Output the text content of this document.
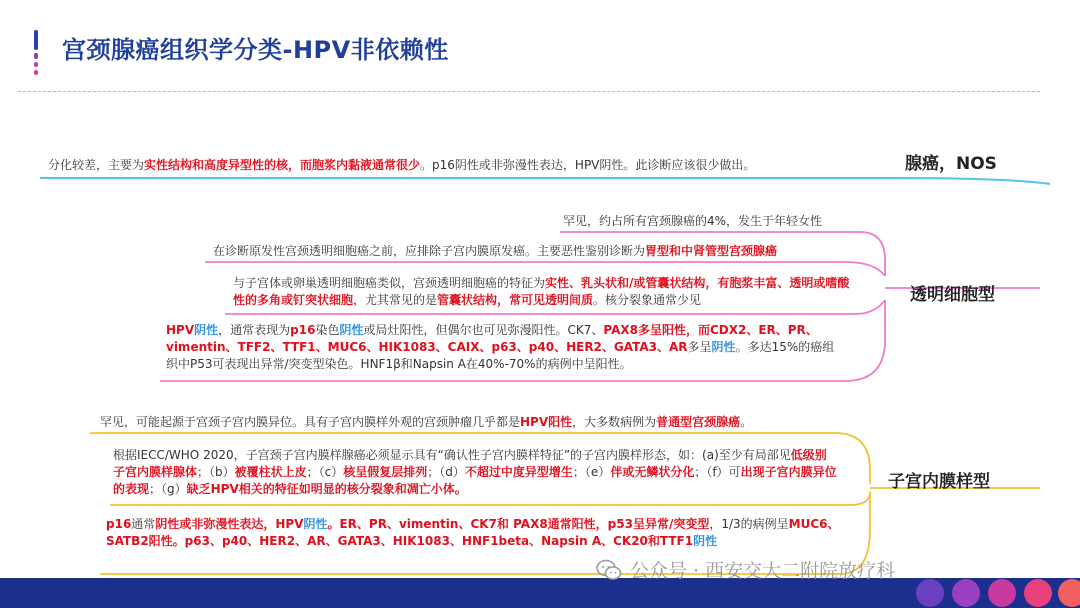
宫颈腺癌组织学分类-HPV非依赖性
分化较差，主要为实性结构和高度异型性的核，而胞浆内黏液通常很少。p16阴性或非弥漫性表达，HPV阴性。此诊断应该很少做出。	腺癌，NOS
罕见，约占所有宫颈腺癌的4%，发生于年轻女性
在诊断原发性宫颈透明细胞癌之前，应排除子宫内膜原发癌。主要恶性鉴别诊断为胃型和中肾管型宫颈腺癌
与子宫体或卵巢透明细胞癌类似，宫颈透明细胞癌的特征为实性、乳头状和/或管囊状结构，有胞浆丰富、透明或嗜酸性的多角或钉突状细胞，尤其常见的是管囊状结构，常可见透明间质。核分裂象通常少见
HPV阴性，通常表现为p16染色阴性或局灶阳性，但偶尔也可见弥漫阳性。CK7、PAX8多呈阳性，而CDX2、ER、PR、vimentin、TFF2、TTF1、MUC6、HIK1083、CAIX、p63、p40、HER2、GATA3、AR多呈阴性。多达15%的癌组织中P53可表现出异常/突变型染色。HNF1β和Napsin A在40%-70%的病例中呈阳性。
透明细胞型
罕见，可能起源于宫颈子宫内膜异位。具有子宫内膜样外观的宫颈肿瘤几乎都是HPV阳性，大多数病例为普通型宫颈腺癌。
根据IECC/WHO 2020，子宫颈子宫内膜样腺癌必须显示具有“确认性子宫内膜样特征”的子宫内膜样形态，如：(a)至少有局部见低级别子宫内膜样腺体；（b）被覆柱状上皮；（c）核呈假复层排列；（d）不超过中度异型增生；（e）伴或无鳞状分化；（f）可出现子宫内膜异位的表现；（g）缺乏HPV相关的特征如明显的核分裂象和凋亡小体。
p16通常阴性或非弥漫性表达，HPV阴性。ER、PR、vimentin、CK7和 PAX8通常阳性，p53呈异常/突变型，1/3的病例呈MUC6、SATB2阳性。p63、p40、HER2、AR、GATA3、HIK1083、HNF1beta、Napsin A、CK20和TTF1阴性
子宫内膜样型
公众号 · 西安交大二附院放疗科
